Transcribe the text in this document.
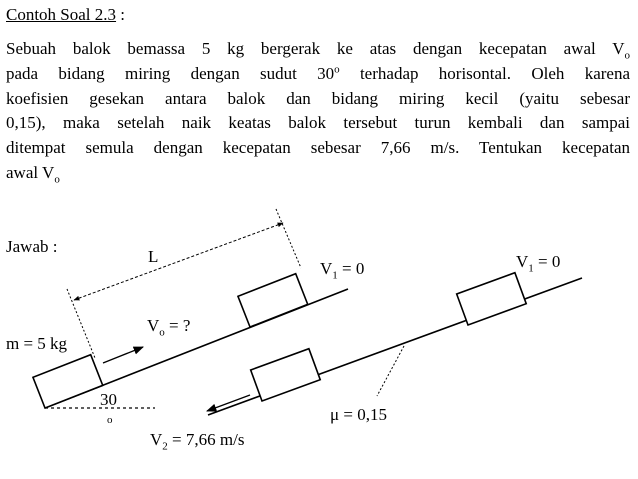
Contoh Soal 2.3 :
Sebuah balok bemassa 5 kg bergerak ke atas dengan kecepatan awal $V_o$
pada bidang miring dengan sudut 30$^o$ terhadap horisontal. Oleh karena
koefisien gesekan antara balok dan bidang miring kecil (yaitu sebesar
0,15), maka setelah naik keatas balok tersebut turun kembali dan sampai
ditempat semula dengan kecepatan sebesar 7,66 m/s. Tentukan kecepatan
awal $V_o$
Jawab :
m = 5 kg
L
$V_o$ = ?
$V_1 = 0$	$V_1 = 0$
30
o
$V_2 = 7,66$ m/s
μ = 0,15
